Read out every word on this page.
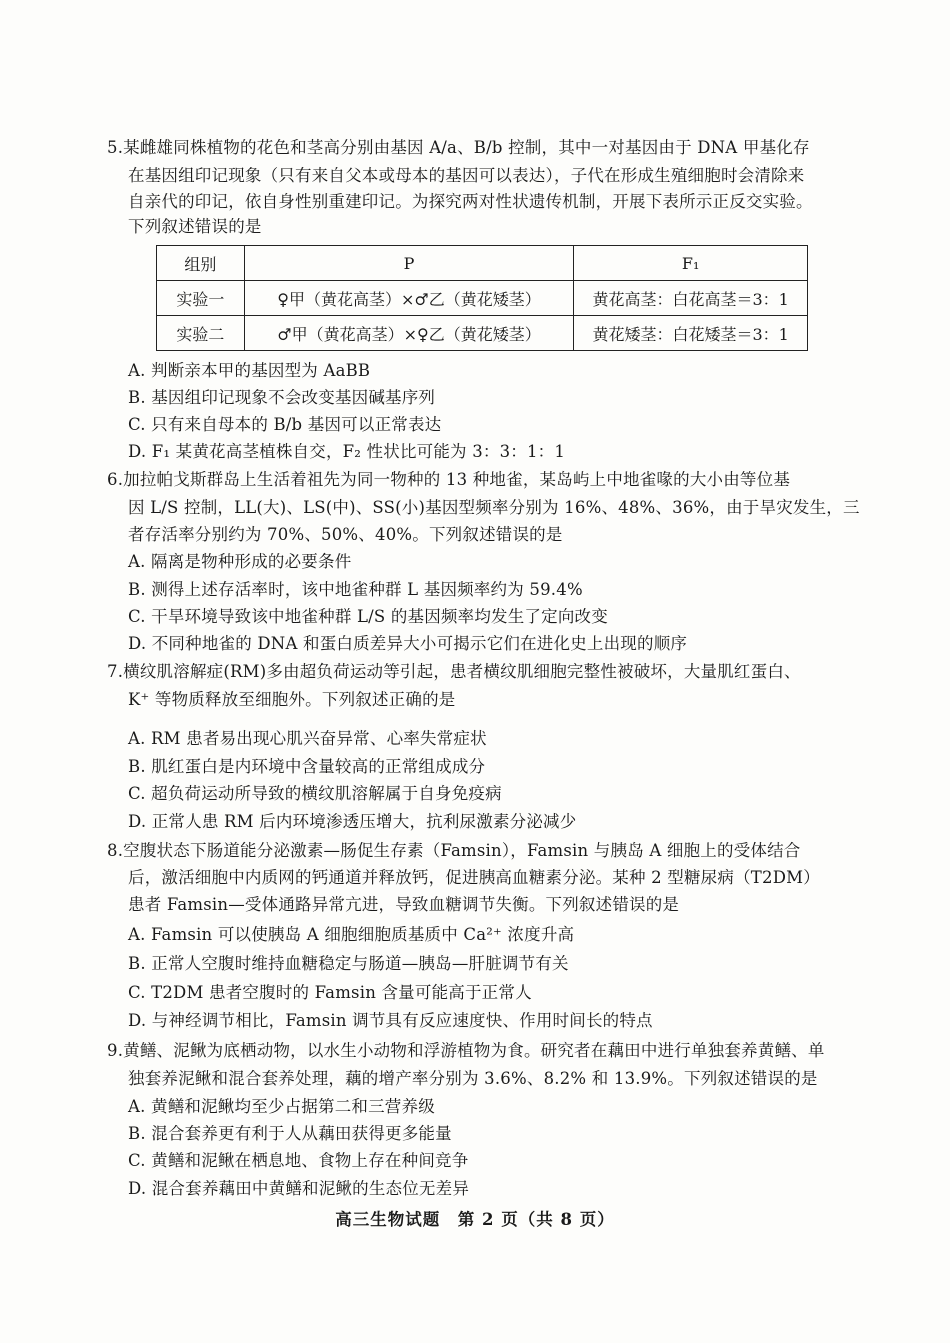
5.某雌雄同株植物的花色和茎高分别由基因 A/a、B/b 控制，其中一对基因由于 DNA 甲基化存
在基因组印记现象（只有来自父本或母本的基因可以表达），子代在形成生殖细胞时会清除来
自亲代的印记，依自身性别重建印记。为探究两对性状遗传机制，开展下表所示正反交实验。
下列叙述错误的是
组别	P	F₁
实验一	♀甲（黄花高茎）×♂乙（黄花矮茎）	黄花高茎：白花高茎＝3：1
实验二	♂甲（黄花高茎）×♀乙（黄花矮茎）	黄花矮茎：白花矮茎＝3：1
A. 判断亲本甲的基因型为 AaBB
B. 基因组印记现象不会改变基因碱基序列
C. 只有来自母本的 B/b 基因可以正常表达
D. F₁ 某黄花高茎植株自交，F₂ 性状比可能为 3：3：1：1
6.加拉帕戈斯群岛上生活着祖先为同一物种的 13 种地雀，某岛屿上中地雀喙的大小由等位基
因 L/S 控制，LL(大)、LS(中)、SS(小)基因型频率分别为 16%、48%、36%，由于旱灾发生，三
者存活率分别约为 70%、50%、40%。下列叙述错误的是
A. 隔离是物种形成的必要条件
B. 测得上述存活率时，该中地雀种群 L 基因频率约为 59.4%
C. 干旱环境导致该中地雀种群 L/S 的基因频率均发生了定向改变
D. 不同种地雀的 DNA 和蛋白质差异大小可揭示它们在进化史上出现的顺序
7.横纹肌溶解症(RM)多由超负荷运动等引起，患者横纹肌细胞完整性被破坏，大量肌红蛋白、
K⁺ 等物质释放至细胞外。下列叙述正确的是
A. RM 患者易出现心肌兴奋异常、心率失常症状
B. 肌红蛋白是内环境中含量较高的正常组成成分
C. 超负荷运动所导致的横纹肌溶解属于自身免疫病
D. 正常人患 RM 后内环境渗透压增大，抗利尿激素分泌减少
8.空腹状态下肠道能分泌激素—肠促生存素（Famsin），Famsin 与胰岛 A 细胞上的受体结合
后，激活细胞中内质网的钙通道并释放钙，促进胰高血糖素分泌。某种 2 型糖尿病（T2DM）
患者 Famsin—受体通路异常亢进，导致血糖调节失衡。下列叙述错误的是
A. Famsin 可以使胰岛 A 细胞细胞质基质中 Ca²⁺ 浓度升高
B. 正常人空腹时维持血糖稳定与肠道—胰岛—肝脏调节有关
C. T2DM 患者空腹时的 Famsin 含量可能高于正常人
D. 与神经调节相比，Famsin 调节具有反应速度快、作用时间长的特点
9.黄鳝、泥鳅为底栖动物，以水生小动物和浮游植物为食。研究者在藕田中进行单独套养黄鳝、单
独套养泥鳅和混合套养处理，藕的增产率分别为 3.6%、8.2% 和 13.9%。下列叙述错误的是
A. 黄鳝和泥鳅均至少占据第二和三营养级
B. 混合套养更有利于人从藕田获得更多能量
C. 黄鳝和泥鳅在栖息地、食物上存在种间竞争
D. 混合套养藕田中黄鳝和泥鳅的生态位无差异
高三生物试题　第 2 页（共 8 页）
